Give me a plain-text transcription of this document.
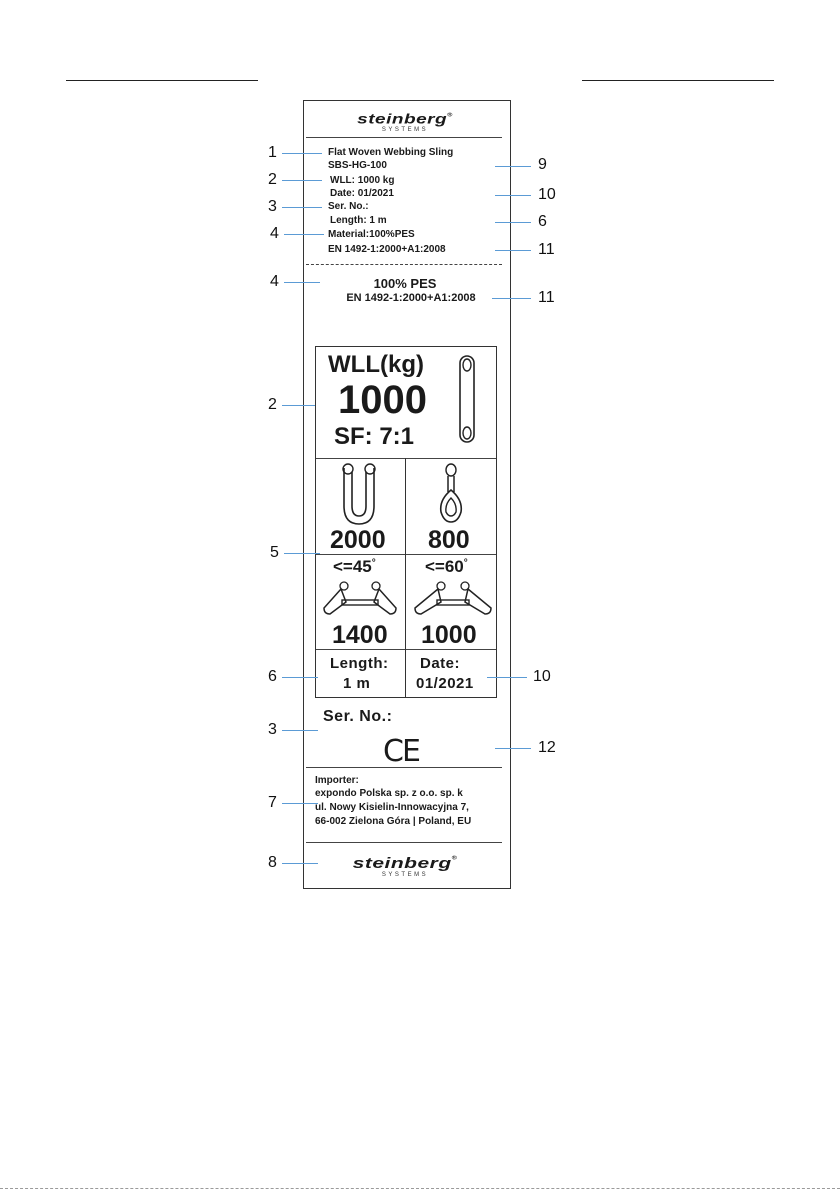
steinberg®
SYSTEMS
Flat Woven Webbing Sling
SBS-HG-100
WLL: 1000 kg
Date: 01/2021
Ser. No.:
Length: 1 m
Material:100%PES
EN 1492-1:2000+A1:2008
100% PES
EN 1492-1:2000+A1:2008
WLL(kg)
1000
SF: 7:1
2000 800
<=45°
1400
<=60°
1000
Length:
1 m
Date:
01/2021
Ser. No.:
CE
Importer:
expondo Polska sp. z o.o. sp. k
ul. Nowy Kisielin-Innowacyjna 7,
66-002 Zielona Góra | Poland, EU
steinberg®
SYSTEMS
1
2
3
4
4
2
5
6
3
7
8
9
10
6
11
11
10
12
